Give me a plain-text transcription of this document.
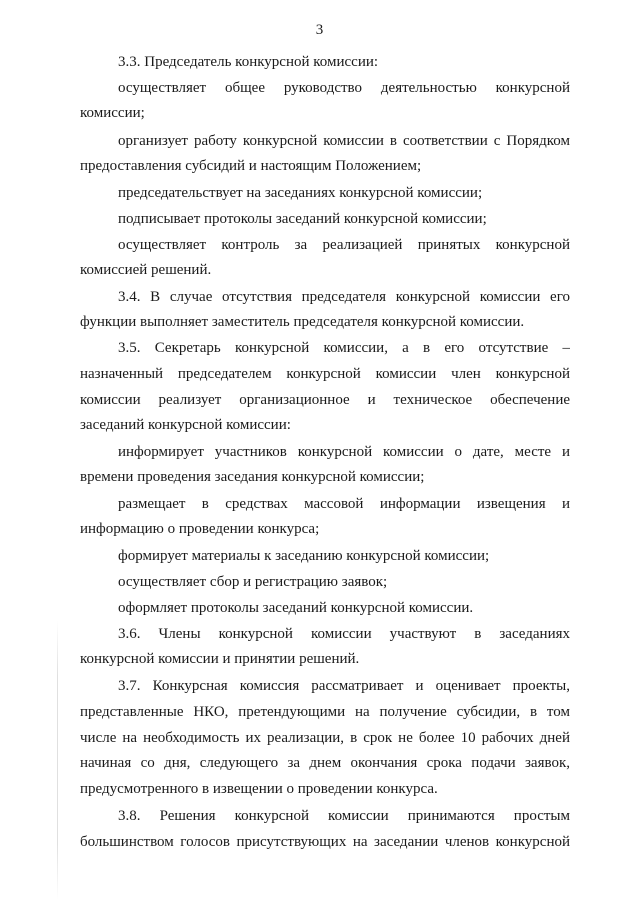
3
3.3. Председатель конкурсной комиссии:
осуществляет общее руководство деятельностью конкурсной
комиссии;
организует работу конкурсной комиссии в соответствии с Порядком
предоставления субсидий и настоящим Положением;
председательствует на заседаниях конкурсной комиссии;
подписывает протоколы заседаний конкурсной комиссии;
осуществляет контроль за реализацией принятых конкурсной
комиссией решений.
3.4. В случае отсутствия председателя конкурсной комиссии его
функции выполняет заместитель председателя конкурсной комиссии.
3.5. Секретарь конкурсной комиссии, а в его отсутствие –
назначенный председателем конкурсной комиссии член конкурсной
комиссии реализует организационное и техническое обеспечение
заседаний конкурсной комиссии:
информирует участников конкурсной комиссии о дате, месте и
времени проведения заседания конкурсной комиссии;
размещает в средствах массовой информации извещения и
информацию о проведении конкурса;
формирует материалы к заседанию конкурсной комиссии;
осуществляет сбор и регистрацию заявок;
оформляет протоколы заседаний конкурсной комиссии.
3.6. Члены конкурсной комиссии участвуют в заседаниях
конкурсной комиссии и принятии решений.
3.7. Конкурсная комиссия рассматривает и оценивает проекты,
представленные НКО, претендующими на получение субсидии, в том
числе на необходимость их реализации, в срок не более 10 рабочих дней
начиная со дня, следующего за днем окончания срока подачи заявок,
предусмотренного в извещении о проведении конкурса.
3.8. Решения конкурсной комиссии принимаются простым
большинством голосов присутствующих на заседании членов конкурсной
